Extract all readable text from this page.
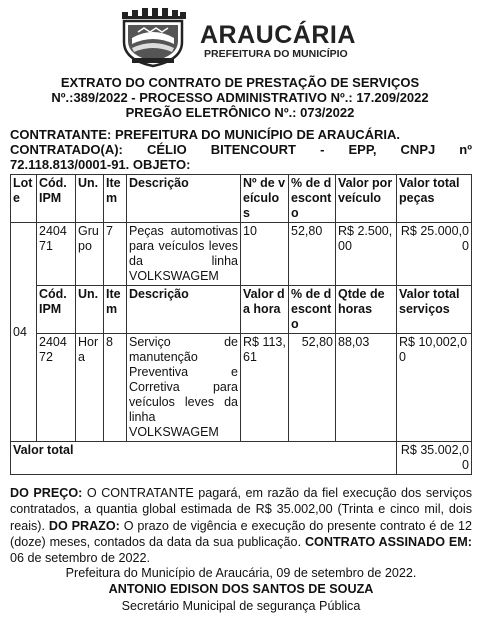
ARAUCÁRIA
PREFEITURA DO MUNICÍPIO
EXTRATO DO CONTRATO DE PRESTAÇÃO DE SERVIÇOS
Nº.:389/2022 - PROCESSO ADMINISTRATIVO Nº.: 17.209/2022
PREGÃO ELETRÔNICO Nº.: 073/2022
CONTRATANTE: PREFEITURA DO MUNICÍPIO DE ARAUCÁRIA.
CONTRATADO(A): CÉLIO BITENCOURT - EPP, CNPJ nº
72.118.813/0001-91. OBJETO:
Lote	Cód. IPM	Un.	Item	Descrição	Nº de veículos	% de desconto	Valor por veículo	Valor total peças
04	240471	Grupo	7	Peças automotivas para veículos leves da linha VOLKSWAGEM	10	52,80	R$ 2.500,00	R$ 25.000,00
	Cód. IPM	Un.	Item	Descrição	Valor da hora	% de desconto	Qtde de horas	Valor total serviços
	240472	Hora	8	Serviço de manutenção Preventiva e Corretiva para veículos leves da linha VOLKSWAGEM	R$ 113,61	52,80	88,03	R$ 10,002,00
Valor total								R$ 35.002,00
DO PREÇO: O CONTRATANTE pagará, em razão da fiel execução dos serviços contratados, a quantia global estimada de R$ 35.002,00 (Trinta e cinco mil, dois reais). DO PRAZO: O prazo de vigência e execução do presente contrato é de 12 (doze) meses, contados da data da sua publicação. CONTRATO ASSINADO EM: 06 de setembro de 2022.
Prefeitura do Município de Araucária, 09 de setembro de 2022.
ANTONIO EDISON DOS SANTOS DE SOUZA
Secretário Municipal de segurança Pública
